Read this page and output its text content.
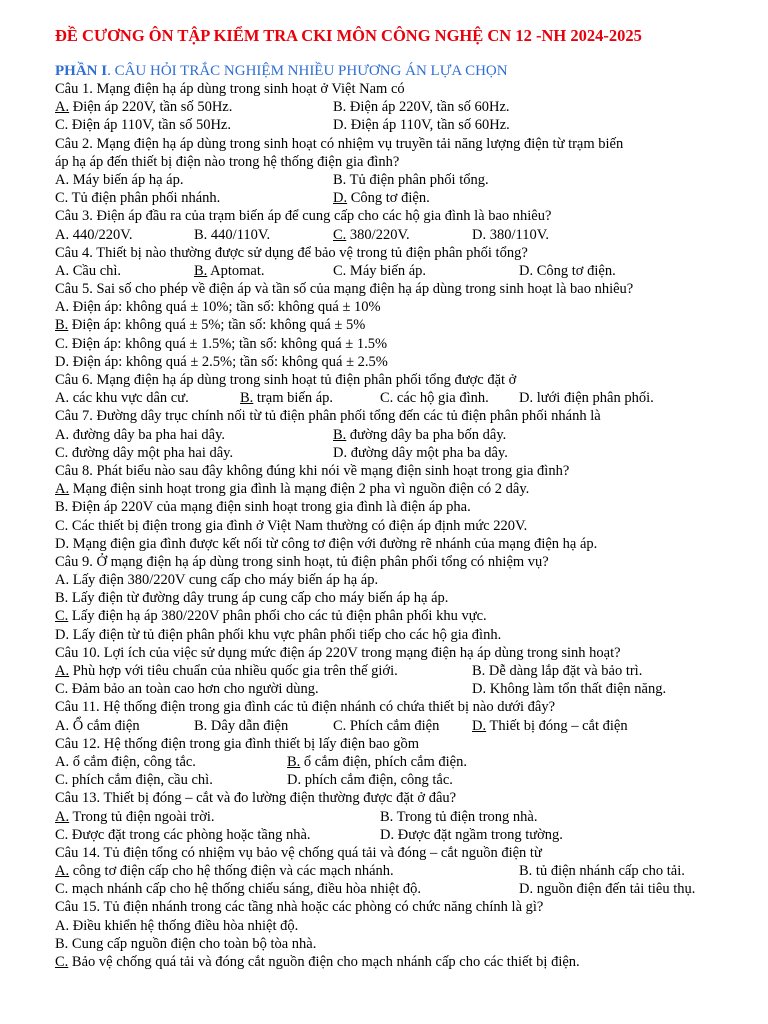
ĐỀ CƯƠNG ÔN TẬP KIỂM TRA CKI MÔN CÔNG NGHỆ CN 12 -NH 2024-2025
PHẦN I. CÂU HỎI TRẮC NGHIỆM NHIỀU PHƯƠNG ÁN LỰA CHỌN
Câu 1. Mạng điện hạ áp dùng trong sinh hoạt ở Việt Nam có
A. Điện áp 220V, tần số 50Hz.	B. Điện áp 220V, tần số 60Hz.
C. Điện áp 110V, tần số 50Hz.	D. Điện áp 110V, tần số 60Hz.
Câu 2. Mạng điện hạ áp dùng trong sinh hoạt có nhiệm vụ truyền tải năng lượng điện từ trạm biến
áp hạ áp đến thiết bị điện nào trong hệ thống điện gia đình?
A. Máy biến áp hạ áp.	B. Tủ điện phân phối tổng.
C. Tủ điện phân phối nhánh.	D. Công tơ điện.
Câu 3. Điện áp đầu ra của trạm biến áp để cung cấp cho các hộ gia đình là bao nhiêu?
A. 440/220V.	B. 440/110V.	C. 380/220V.	D. 380/110V.
Câu 4. Thiết bị nào thường được sử dụng để bảo vệ trong tủ điện phân phối tổng?
A. Cầu chì.	B. Aptomat.	C. Máy biến áp.	D. Công tơ điện.
Câu 5. Sai số cho phép về điện áp và tần số của mạng điện hạ áp dùng trong sinh hoạt là bao nhiêu?
A. Điện áp: không quá ± 10%; tần số: không quá ± 10%
B. Điện áp: không quá ± 5%; tần số: không quá ± 5%
C. Điện áp: không quá ± 1.5%; tần số: không quá ± 1.5%
D. Điện áp: không quá ± 2.5%; tần số: không quá ± 2.5%
Câu 6. Mạng điện hạ áp dùng trong sinh hoạt tủ điện phân phối tổng được đặt ở
A. các khu vực dân cư.	B. trạm biến áp.	C. các hộ gia đình. D. lưới điện phân phối.
Câu 7. Đường dây trục chính nối từ tủ điện phân phối tổng đến các tủ điện phân phối nhánh là
A. đường dây ba pha hai dây.	B. đường dây ba pha bốn dây.
C. đường dây một pha hai dây.	D. đường dây một pha ba dây.
Câu 8. Phát biểu nào sau đây không đúng khi nói về mạng điện sinh hoạt trong gia đình?
A. Mạng điện sinh hoạt trong gia đình là mạng điện 2 pha vì nguồn điện có 2 dây.
B. Điện áp 220V của mạng điện sinh hoạt trong gia đình là điện áp pha.
C. Các thiết bị điện trong gia đình ở Việt Nam thường có điện áp định mức 220V.
D. Mạng điện gia đình được kết nối từ công tơ điện với đường rẽ nhánh của mạng điện hạ áp.
Câu 9. Ở mạng điện hạ áp dùng trong sinh hoạt, tủ điện phân phối tổng có nhiệm vụ?
A. Lấy điện 380/220V cung cấp cho máy biến áp hạ áp.
B. Lấy điện từ đường dây trung áp cung cấp cho máy biến áp hạ áp.
C. Lấy điện hạ áp 380/220V phân phối cho các tủ điện phân phối khu vực.
D. Lấy điện từ tủ điện phân phối khu vực phân phối tiếp cho các hộ gia đình.
Câu 10. Lợi ích của việc sử dụng mức điện áp 220V trong mạng điện hạ áp dùng trong sinh hoạt?
A. Phù hợp với tiêu chuẩn của nhiều quốc gia trên thế giới.	B. Dễ dàng lắp đặt và bảo trì.
C. Đảm bảo an toàn cao hơn cho người dùng.	D. Không làm tổn thất điện năng.
Câu 11. Hệ thống điện trong gia đình các tủ điện nhánh có chứa thiết bị nào dưới đây?
A. Ổ cắm điện	B. Dây dẫn điện	C. Phích cắm điện D. Thiết bị đóng – cắt điện
Câu 12. Hệ thống điện trong gia đình thiết bị lấy điện bao gồm
A. ổ cắm điện, công tắc.	B. ổ cắm điện, phích cắm điện.
C. phích cắm điện, cầu chì.	D. phích cắm điện, công tắc.
Câu 13. Thiết bị đóng – cắt và đo lường điện thường được đặt ở đâu?
A. Trong tủ điện ngoài trời.	B. Trong tủ điện trong nhà.
C. Được đặt trong các phòng hoặc tầng nhà.	D. Được đặt ngầm trong tường.
Câu 14. Tủ điện tổng có nhiệm vụ bảo vệ chống quá tải và đóng – cắt nguồn điện từ
A. công tơ điện cấp cho hệ thống điện và các mạch nhánh.	B. tủ điện nhánh cấp cho tải.
C. mạch nhánh cấp cho hệ thống chiếu sáng, điều hòa nhiệt độ.	D. nguồn điện đến tải tiêu thụ.
Câu 15. Tủ điện nhánh trong các tầng nhà hoặc các phòng có chức năng chính là gì?
A. Điều khiển hệ thống điều hòa nhiệt độ.
B. Cung cấp nguồn điện cho toàn bộ tòa nhà.
C. Bảo vệ chống quá tải và đóng cắt nguồn điện cho mạch nhánh cấp cho các thiết bị điện.
